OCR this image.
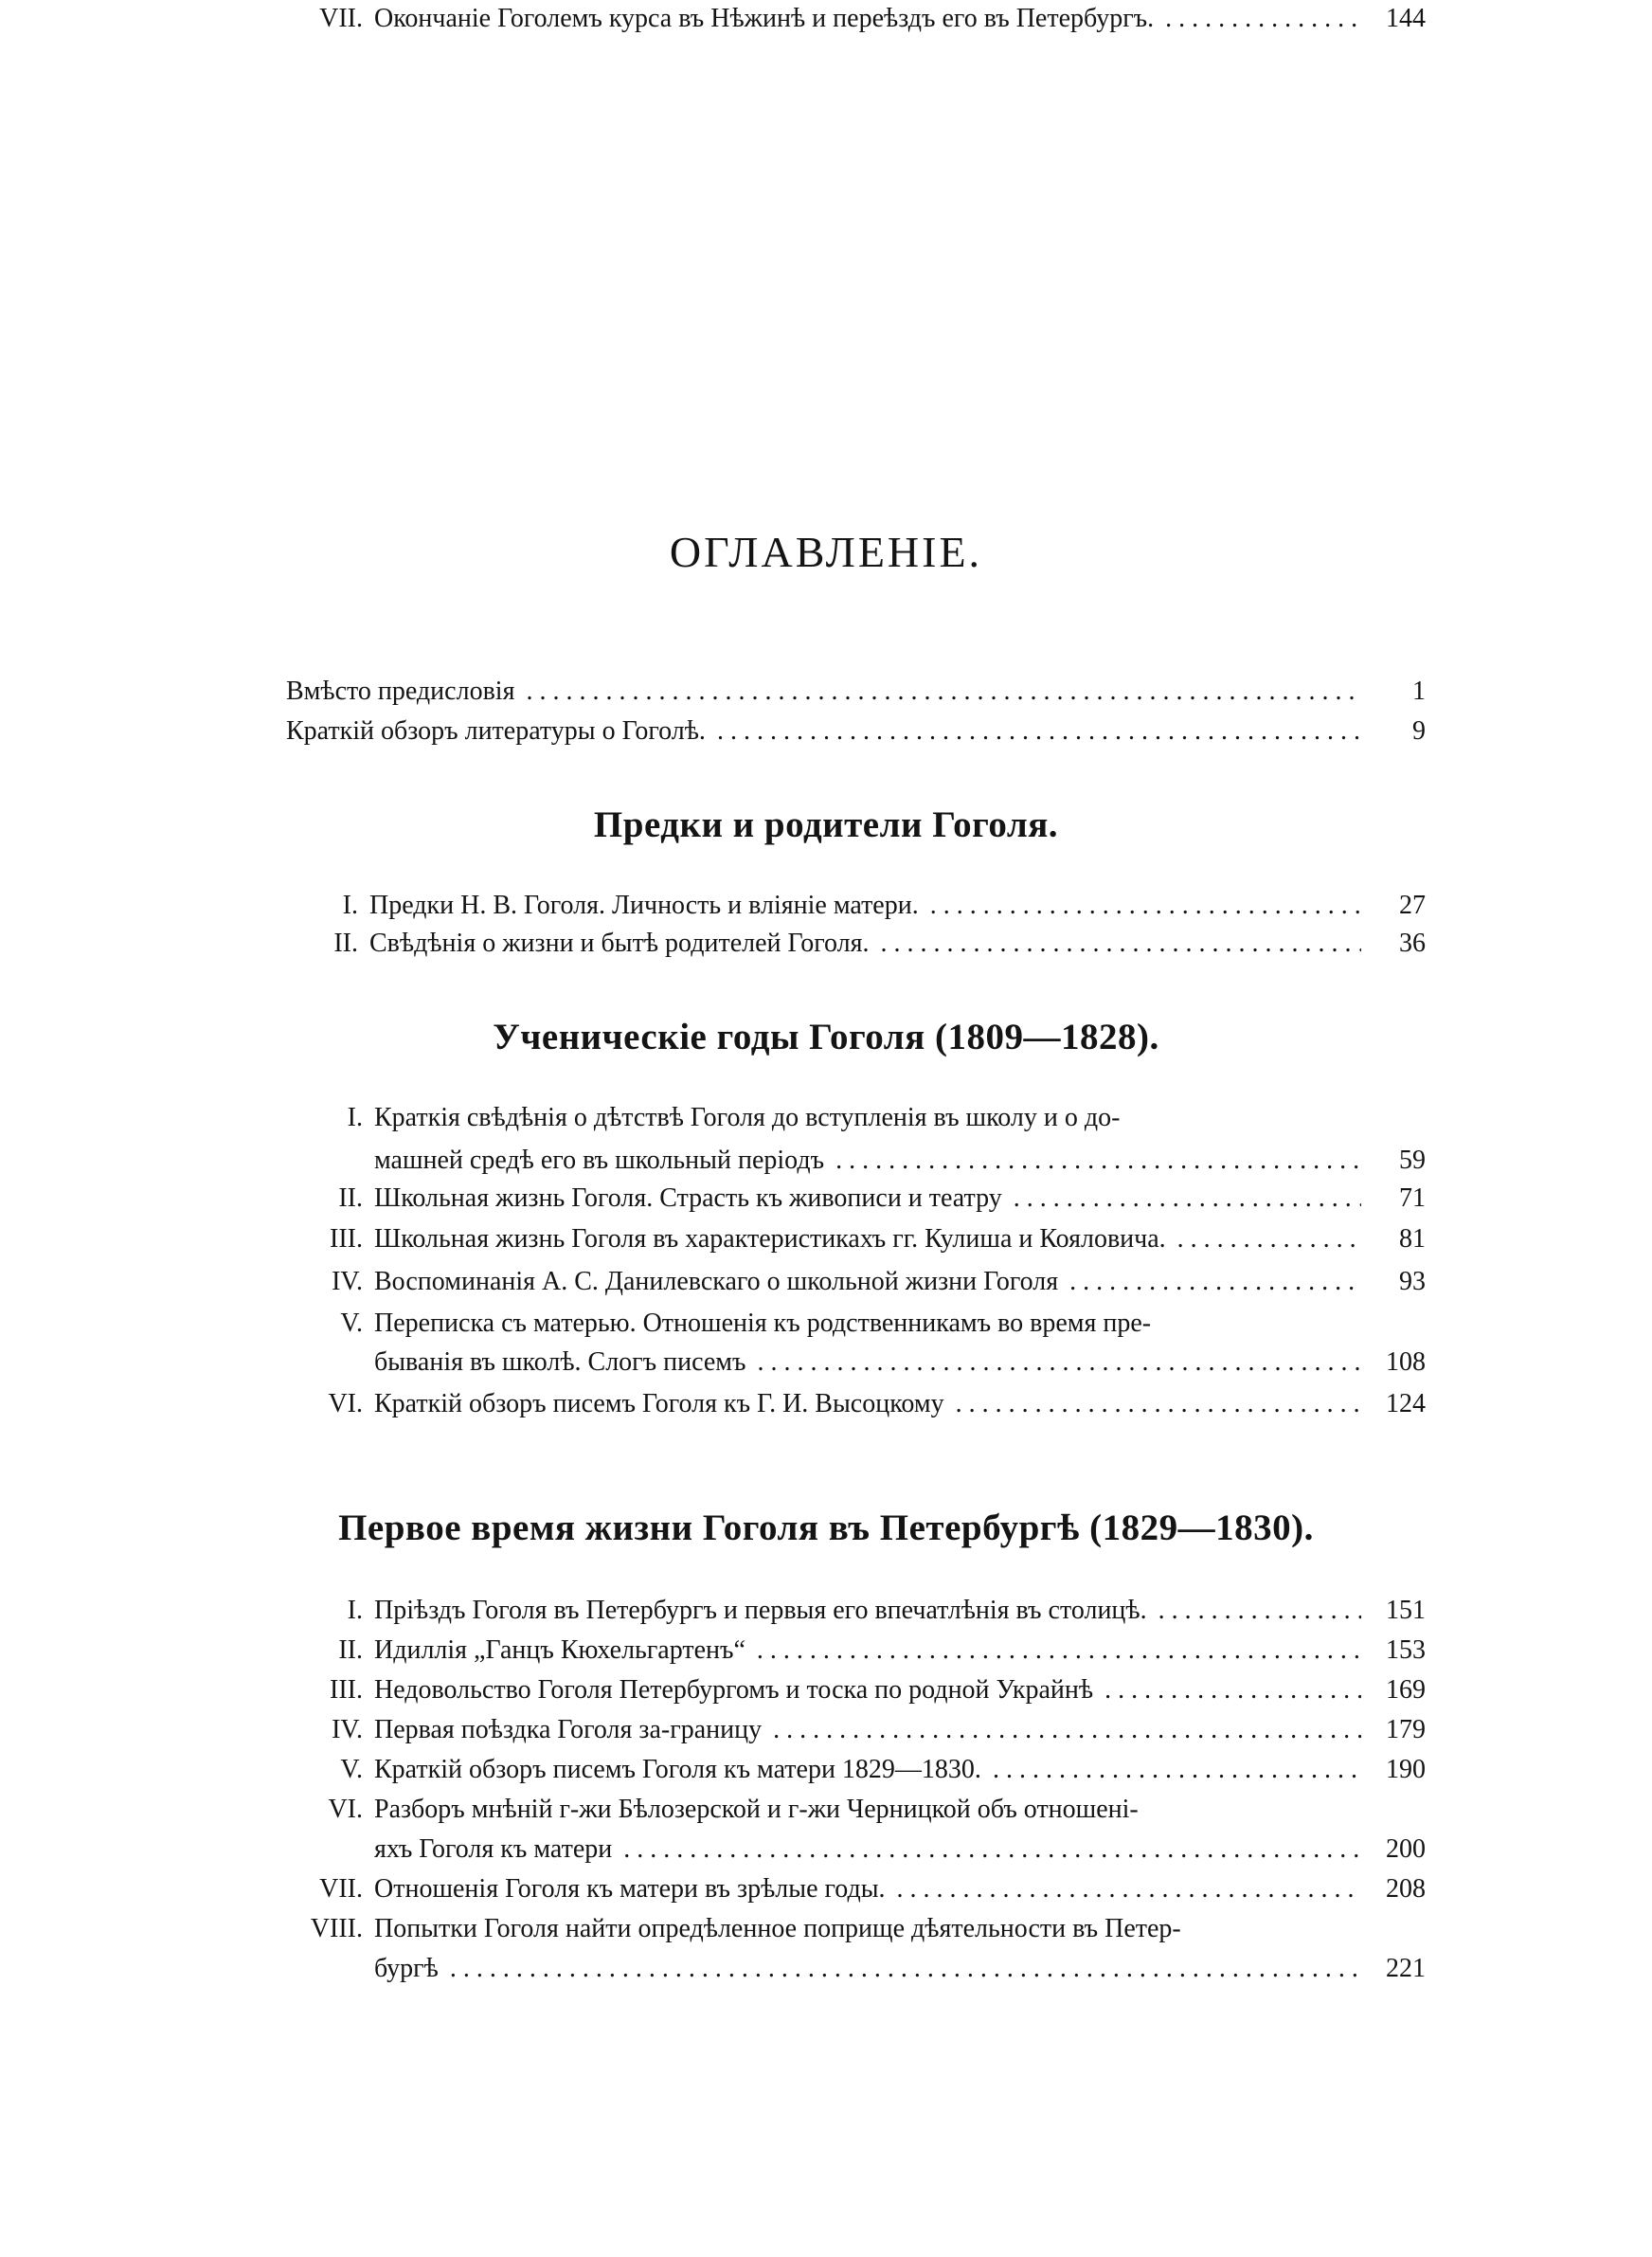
ОГЛАВЛЕНІЕ.
Вмѣсто предисловія . . .	1
Краткій обзоръ литературы о Гоголѣ. . . .	9
Предки и родители Гоголя.
I. Предки Н. В. Гоголя. Личность и вліяніе матери. . . .	27
II. Свѣдѣнія о жизни и бытѣ родителей Гоголя. . . .	36
Ученическіе годы Гоголя (1809—1828).
I. Краткія свѣдѣнія о дѣтствѣ Гоголя до вступленія въ школу и о до-
машней средѣ его въ школьный періодъ . . .	59
II. Школьная жизнь Гоголя. Страсть къ живописи и театру . . .	71
III. Школьная жизнь Гоголя въ характеристикахъ гг. Кулиша и Кояловича. . . .	81
IV. Воспоминанія А. С. Данилевскаго о школьной жизни Гоголя . . .	93
V. Переписка съ матерью. Отношенія къ родственникамъ во время пре-
быванія въ школѣ. Слогъ писемъ . . .	108
VI. Краткій обзоръ писемъ Гоголя къ Г. И. Высоцкому . . .	124
VII. Окончаніе Гоголемъ курса въ Нѣжинѣ и переѣздъ его въ Петербургъ. . . .	144
Первое время жизни Гоголя въ Петербургѣ (1829—1830).
I. Пріѣздъ Гоголя въ Петербургъ и первыя его впечатлѣнія въ столицѣ. . . .	151
II. Идиллія „Ганцъ Кюхельгартенъ“ . . .	153
III. Недовольство Гоголя Петербургомъ и тоска по родной Украйнѣ . . .	169
IV. Первая поѣздка Гоголя за-границу . . .	179
V. Краткій обзоръ писемъ Гоголя къ матери 1829—1830. . . .	190
VI. Разборъ мнѣній г-жи Бѣлозерской и г-жи Черницкой объ отношені-
яхъ Гоголя къ матери . . .	200
VII. Отношенія Гоголя къ матери въ зрѣлые годы. . . .	208
VIII. Попытки Гоголя найти опредѣленное поприще дѣятельности въ Петер-
бургѣ . . .	221
